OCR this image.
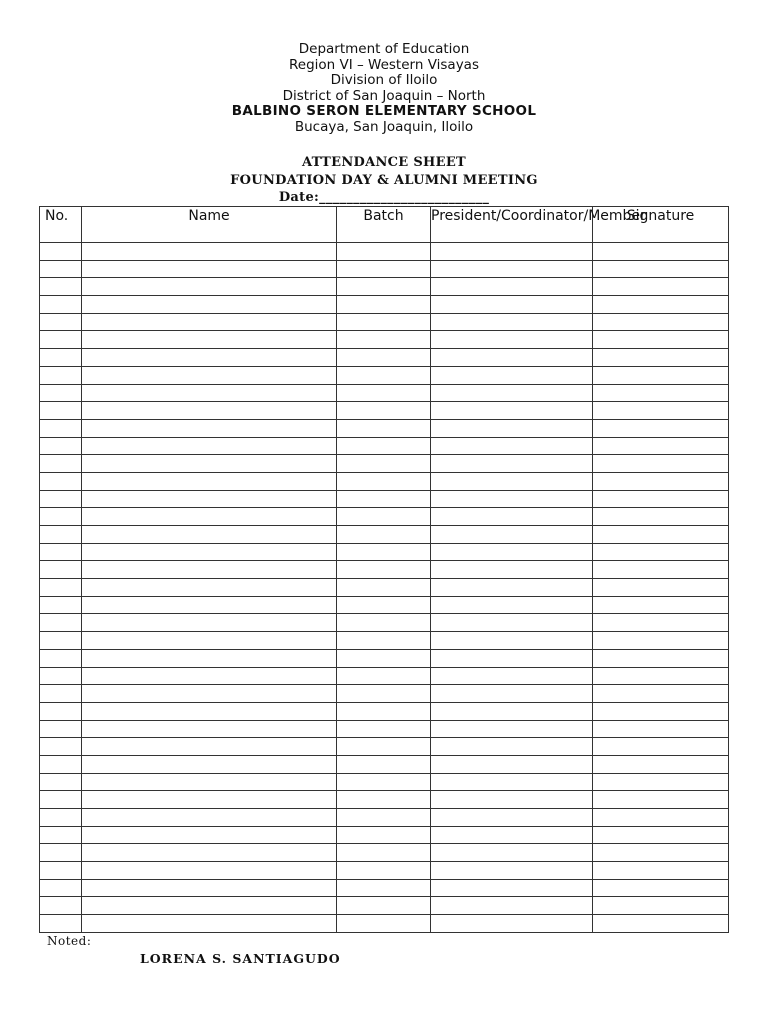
Department of Education
Region VI – Western Visayas
Division of Iloilo
District of San Joaquin – North
BALBINO SERON ELEMENTARY SCHOOL
Bucaya, San Joaquin, Iloilo
ATTENDANCE SHEET
FOUNDATION DAY & ALUMNI MEETING
Date:_________________________
No.	Name	Batch	President/Coordinator/Member	Signature

Noted:
LORENA S. SANTIAGUDO
